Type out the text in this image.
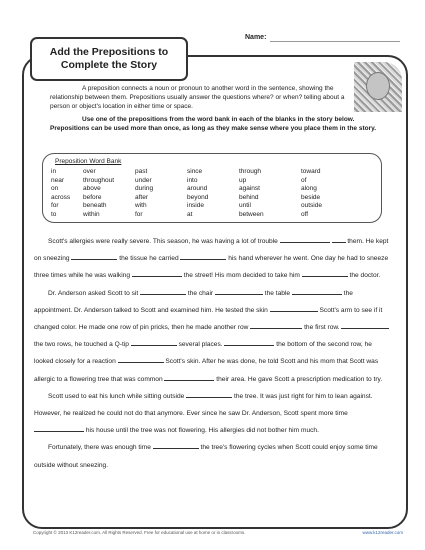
Add the Prepositions to Complete the Story
Name:

A preposition connects a noun or pronoun to another word in the sentence, showing the relationship between them. Prepositions usually answer the questions where? or when? telling about a person or object's location in either time or space.

Use one of the prepositions from the word bank in each of the blanks in the story below. Prepositions can be used more than once, as long as they make sense where you place them in the story.

Preposition Word Bank
in	over	past	since	through	toward
near	throughout	under	into	up	of
on	above	during	around	against	along
across	before	after	beyond	behind	beside
for	beneath	with	inside	until	outside
to	within	for	at	between	off

Scott's allergies were really severe. This season, he was having a lot of trouble	them. He kept on sneezing	the tissue he carried	his hand wherever he went. One day he had to sneeze three times while he was walking	the street! His mom decided to take him	the doctor.

Dr. Anderson asked Scott to sit	the chair	the table	the appointment. Dr. Anderson talked to Scott and examined him. He tested the skin	Scott's arm to see if it changed color. He made one row of pin pricks, then he made another row	the first row.  the two rows, he touched a Q-tip	several places.	the bottom of the second row, he looked closely for a reaction	Scott's skin. After he was done, he told Scott and his mom that Scott was allergic to a flowering tree that was common	their area. He gave Scott a prescription medication to try.

Scott used to eat his lunch while sitting outside	the tree. It was just right for him to lean against. However, he realized he could not do that anymore. Ever since he saw Dr. Anderson, Scott spent more time  his house until the tree was not flowering. His allergies did not bother him much.

Fortunately, there was enough time	the tree's flowering cycles when Scott could enjoy some time outside without sneezing.

Copyright © 2013 K12reader.com. All Rights Reserved. Free for educational use at home or in classrooms.	www.k12reader.com
